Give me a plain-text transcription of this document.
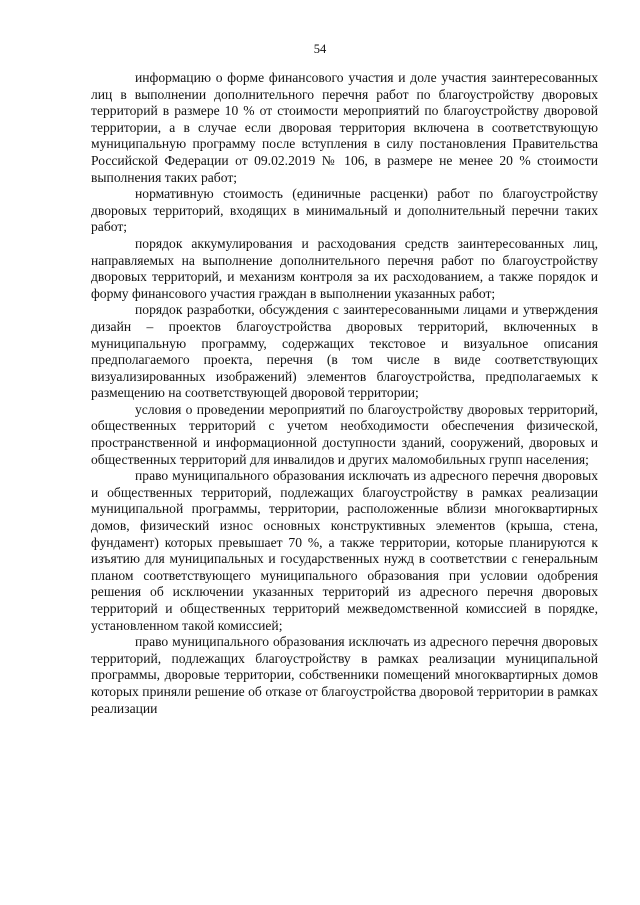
54

информацию о форме финансового участия и доле участия заинтересованных лиц в выполнении дополнительного перечня работ по благоустройству дворовых территорий в размере 10 % от стоимости мероприятий по благоустройству дворовой территории, а в случае если дворовая территория включена в соответствующую муниципальную программу после вступления в силу постановления Правительства Российской Федерации от 09.02.2019 № 106, в размере не менее 20 % стоимости выполнения таких работ;

нормативную стоимость (единичные расценки) работ по благоустройству дворовых территорий, входящих в минимальный и дополнительный перечни таких работ;

порядок аккумулирования и расходования средств заинтересованных лиц, направляемых на выполнение дополнительного перечня работ по благоустройству дворовых территорий, и механизм контроля за их расходованием, а также порядок и форму финансового участия граждан в выполнении указанных работ;

порядок разработки, обсуждения с заинтересованными лицами и утверждения дизайн – проектов благоустройства дворовых территорий, включенных в муниципальную программу, содержащих текстовое и визуальное описания предполагаемого проекта, перечня (в том числе в виде соответствующих визуализированных изображений) элементов благоустройства, предполагаемых к размещению на соответствующей дворовой территории;

условия о проведении мероприятий по благоустройству дворовых территорий, общественных территорий с учетом необходимости обеспечения физической, пространственной и информационной доступности зданий, сооружений, дворовых и общественных территорий для инвалидов и других маломобильных групп населения;

право муниципального образования исключать из адресного перечня дворовых и общественных территорий, подлежащих благоустройству в рамках реализации муниципальной программы, территории, расположенные вблизи многоквартирных домов, физический износ основных конструктивных элементов (крыша, стена, фундамент) которых превышает 70 %, а также территории, которые планируются к изъятию для муниципальных и государственных нужд в соответствии с генеральным планом соответствующего муниципального образования при условии одобрения решения об исключении указанных территорий из адресного перечня дворовых территорий и общественных территорий межведомственной комиссией в порядке, установленном такой комиссией;

право муниципального образования исключать из адресного перечня дворовых территорий, подлежащих благоустройству в рамках реализации муниципальной программы, дворовые территории, собственники помещений многоквартирных домов которых приняли решение об отказе от благоустройства дворовой территории в рамках реализации
